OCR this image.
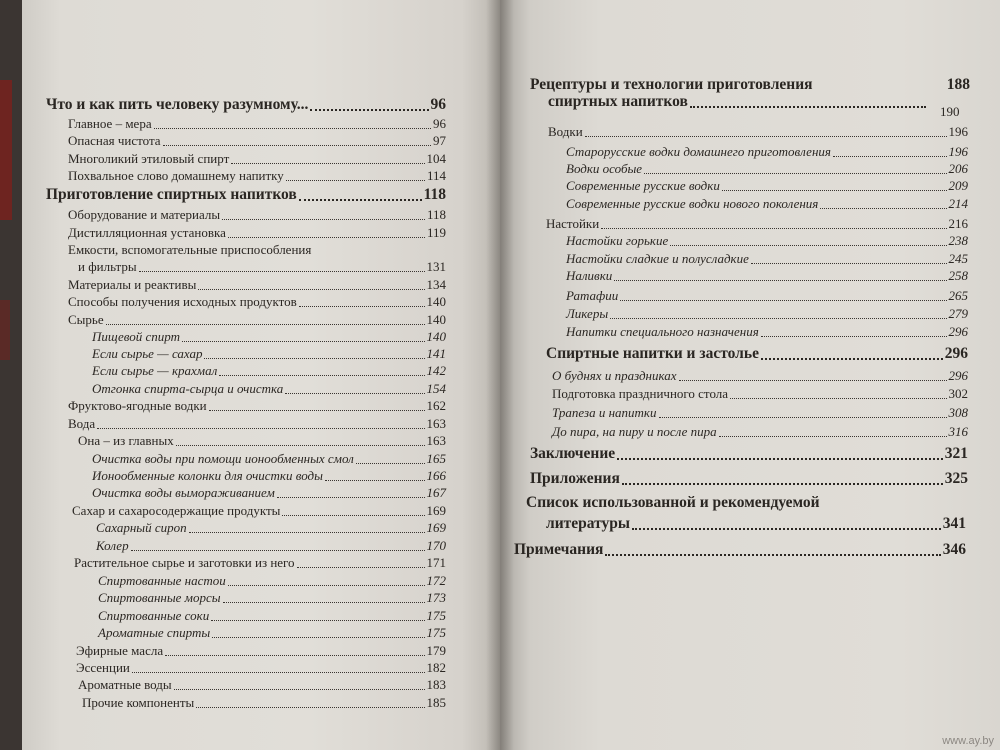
Что и как пить человеку разумному...	96
Главное – мера	96
Опасная чистота	97
Многоликий этиловый спирт	104
Похвальное слово домашнему напитку	114
Приготовление спиртных напитков	118
Оборудование и материалы	118
Дистилляционная установка	119
Емкости, вспомогательные приспособления
и фильтры	131
Материалы и реактивы	134
Способы получения исходных продуктов	140
Сырье	140
Пищевой спирт	140
Если сырье — сахар	141
Если сырье — крахмал	142
Отгонка спирта-сырца и очистка	154
Фруктово-ягодные водки	162
Вода	163
Она – из главных	163
Очистка воды при помощи ионообменных смол	165
Ионообменные колонки для очистки воды	166
Очистка воды вымораживанием	167
Сахар и сахаросодержащие продукты	169
Сахарный сироп	169
Колер	170
Растительное сырье и заготовки из него	171
Спиртованные настои	172
Спиртованные морсы	173
Спиртованные соки	175
Ароматные спирты	175
Эфирные масла	179
Эссенции	182
Ароматные воды	183
Прочие компоненты	185
Рецептуры и технологии приготовления	188
спиртных напитков
190
Водки	196
Старорусские водки домашнего приготовления	196
Водки особые	206
Современные русские водки	209
Современные русские водки нового поколения	214
Настойки	216
Настойки горькие	238
Настойки сладкие и полусладкие	245
Наливки	258
Ратафии	265
Ликеры	279
Напитки специального назначения	296
Спиртные напитки и застолье	296
О буднях и праздниках	296
Подготовка праздничного стола	302
Трапеза и напитки	308
До пира, на пиру и после пира	316
Заключение	321
Приложения	325
Список использованной и рекомендуемой
литературы	341
Примечания	346
www.ay.by
